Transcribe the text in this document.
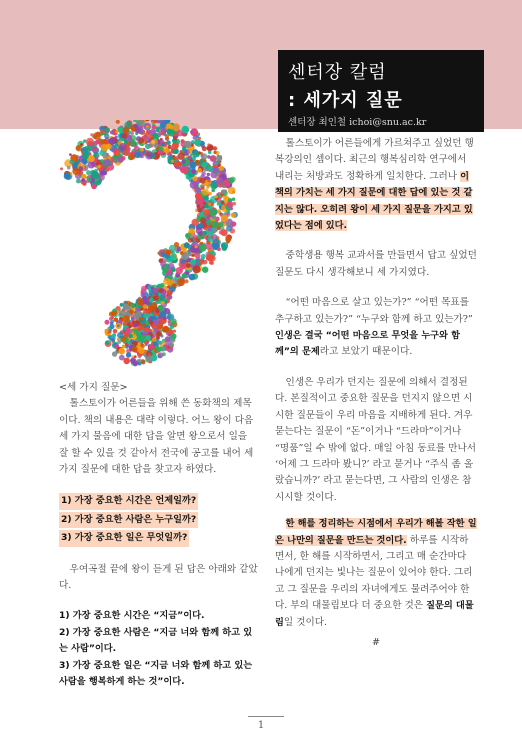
센터장 칼럼
: 세가지 질문
센터장 최인철 ichoi@snu.ac.kr

<세 가지 질문>

톨스토이가 어른들을 위해 쓴 동화책의 제목이다. 책의 내용은 대략 이렇다. 어느 왕이 다음 세 가지 물음에 대한 답을 알면 왕으로서 일을 잘 할 수 있을 것 같아서 전국에 공고를 내어 세 가지 질문에 대한 답을 찾고자 하였다.

1) 가장 중요한 시간은 언제일까?

2) 가장 중요한 사람은 누구일까?

3) 가장 중요한 일은 무엇일까?

우여곡절 끝에 왕이 듣게 된 답은 아래와 같았다.

1) 가장 중요한 시간은 “지금”이다.

2) 가장 중요한 사람은 “지금 너와 함께 하고 있는 사람”이다.

3) 가장 중요한 일은 “지금 너와 함께 하고 있는 사람을 행복하게 하는 것”이다.

톨스토이가 어른들에게 가르쳐주고 싶었던 행복강의인 셈이다. 최근의 행복심리학 연구에서 내리는 처방과도 정확하게 일치한다. 그러나 이 책의 가치는 세 가지 질문에 대한 답에 있는 것 같지는 않다. 오히려 왕이 세 가지 질문을 가지고 있었다는 점에 있다.

중학생용 행복 교과서를 만들면서 답고 싶었던 질문도 다시 생각해보니 세 가지였다.

“어떤 마음으로 살고 있는가?” “어떤 목표를 추구하고 있는가?” “누구와 함께 하고 있는가?” 인생은 결국 “어떤 마음으로 무엇을 누구와 함께”의 문제라고 보았기 때문이다.

인생은 우리가 던지는 질문에 의해서 결정된다. 본질적이고 중요한 질문을 던지지 않으면 시시한 질문들이 우리 마음을 지배하게 된다. 겨우 묻는다는 질문이 “돈”이거나 “드라마”이거나 “명품”일 수 밖에 없다. 매일 아침 동료를 만나서 ‘어제 그 드라마 봤니?’ 라고 묻거나 “주식 좀 올랐습니까?’ 라고 묻는다면, 그 사람의 인생은 참 시시할 것이다.

한 해를 정리하는 시점에서 우리가 해볼 작한 일은 나만의 질문을 만드는 것이다. 하루를 시작하면서, 한 해를 시작하면서, 그리고 매 순간마다 나에게 던지는 빛나는 질문이 있어야 한다. 그리고 그 질문을 우리의 자녀에게도 물려주어야 한다. 부의 대물림보다 더 중요한 것은 질문의 대물림일 것이다.

#

1
